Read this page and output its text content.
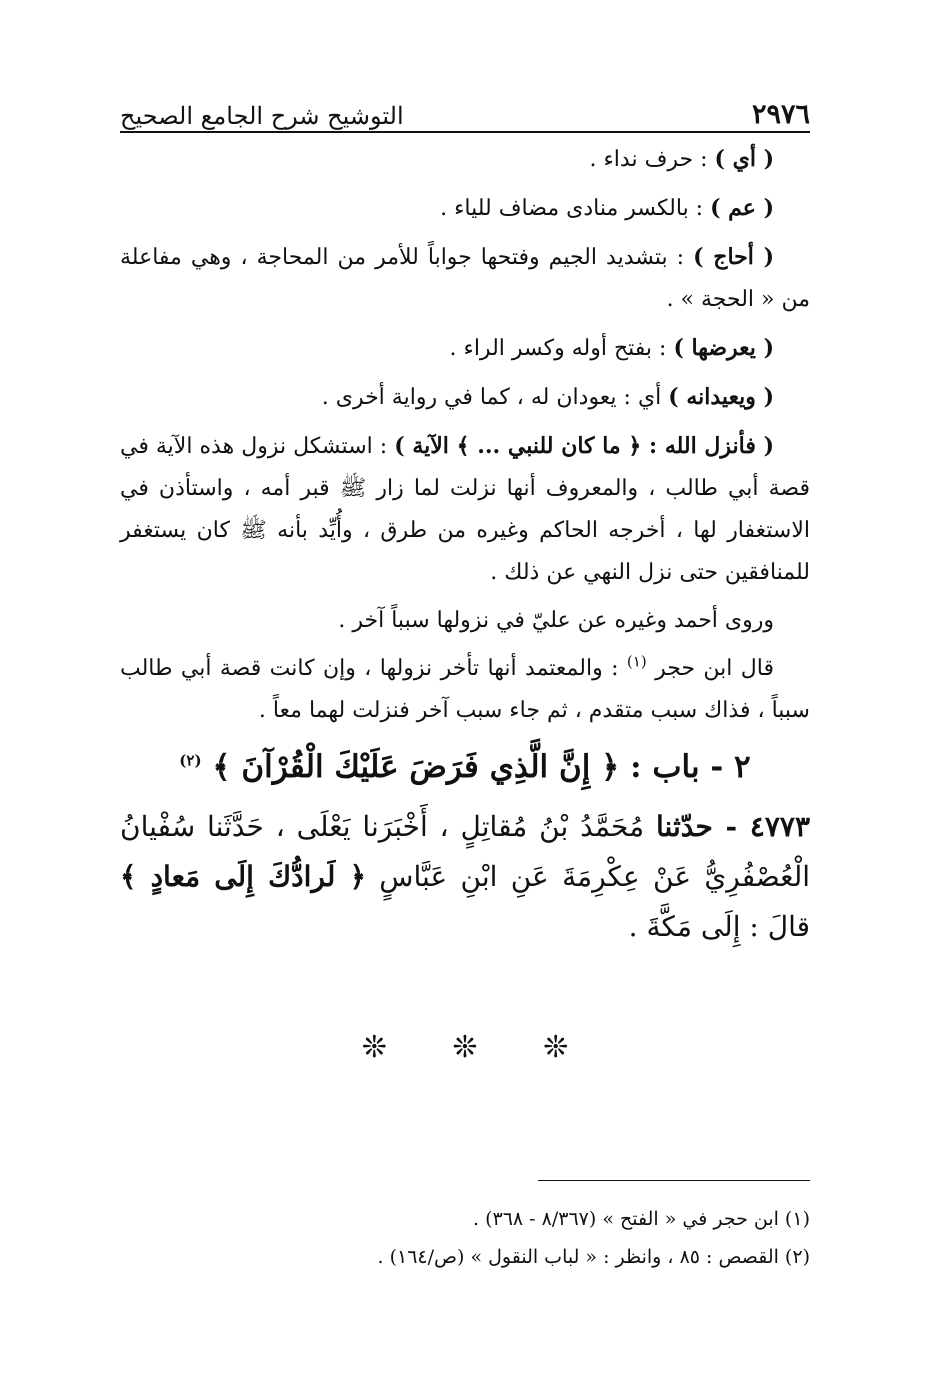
٢٩٧٦
التوشيح شرح الجامع الصحيح

( أي ) : حرف نداء .

( عم ) : بالكسر منادى مضاف للياء .

( أحاج ) : بتشديد الجيم وفتحها جواباً للأمر من المحاجة ، وهي مفاعلة من « الحجة » .

( يعرضها ) : بفتح أوله وكسر الراء .

( ويعيدانه ) أي : يعودان له ، كما في رواية أخرى .

( فأنزل الله : ﴿ ما كان للنبي ... ﴾ الآية ) : استشكل نزول هذه الآية في قصة أبي طالب ، والمعروف أنها نزلت لما زار ﷺ قبر أمه ، واستأذن في الاستغفار لها ، أخرجه الحاكم وغيره من طرق ، وأُيِّد بأنه ﷺ كان يستغفر للمنافقين حتى نزل النهي عن ذلك .

وروى أحمد وغيره عن عليّ في نزولها سبباً آخر .

قال ابن حجر $^{(١)}$ : والمعتمد أنها تأخر نزولها ، وإن كانت قصة أبي طالب سبباً ، فذاك سبب متقدم ، ثم جاء سبب آخر فنزلت لهما معاً .

٢ - باب : ﴿ إِنَّ الَّذِي فَرَضَ عَلَيْكَ الْقُرْآنَ ﴾ $^{(٢)}$

٤٧٧٣ - حدّثنا مُحَمَّدُ بْنُ مُقاتِلٍ ، أَخْبَرَنا يَعْلَى ، حَدَّثَنا سُفْيانُ الْعُصْفُرِيُّ عَنْ عِكْرِمَةَ عَنِ ابْنِ عَبَّاسٍ ﴿ لَرادُّكَ إِلَى مَعادٍ ﴾ قالَ : إِلَى مَكَّةَ .

❊ ❊ ❊

(١) ابن حجر في « الفتح » (٨/٣٦٧ - ٣٦٨) .

(٢) القصص : ٨٥ ، وانظر : « لباب النقول » (ص/١٦٤) .
